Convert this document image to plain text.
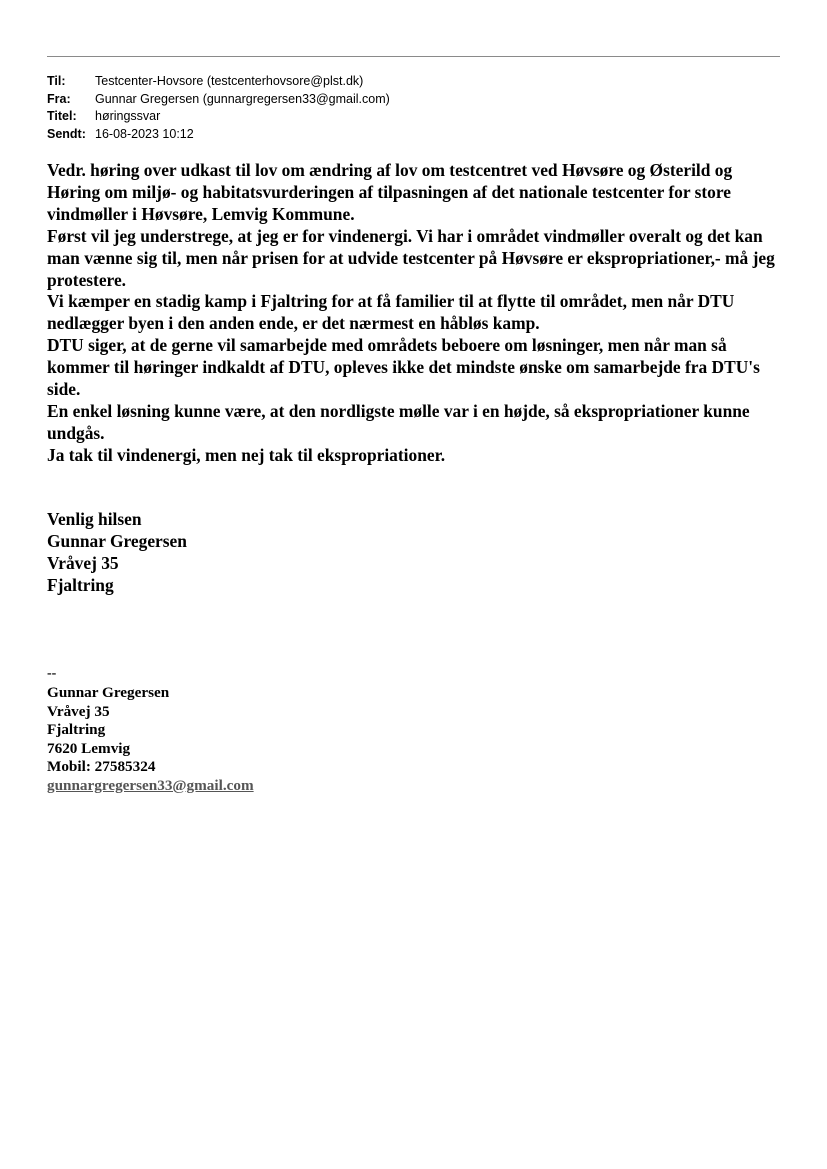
Til: Testcenter-Hovsore (testcenterhovsore@plst.dk)
Fra: Gunnar Gregersen (gunnargregersen33@gmail.com)
Titel: høringssvar
Sendt: 16-08-2023 10:12

Vedr. høring over udkast til lov om ændring af lov om testcentret ved Høvsøre og Østerild og

Høring om miljø- og habitatsvurderingen af tilpasningen af det nationale testcenter for store vindmøller i Høvsøre, Lemvig Kommune.

Først vil jeg understrege, at jeg er for vindenergi. Vi har i området vindmøller overalt og det kan man vænne sig til, men når prisen for at udvide testcenter på Høvsøre er ekspropriationer,- må jeg protestere.

Vi kæmper en stadig kamp i Fjaltring for at få familier til at flytte til området, men når DTU nedlægger byen i den anden ende, er det nærmest en håbløs kamp.

DTU siger, at de gerne vil samarbejde med områdets beboere om løsninger, men når man så kommer til høringer indkaldt af DTU, opleves ikke det mindste ønske om samarbejde fra DTU's side.

En enkel løsning kunne være, at den nordligste mølle var i en højde, så ekspropriationer kunne undgås.

Ja tak til vindenergi, men nej tak til ekspropriationer.

Venlig hilsen

Gunnar Gregersen

Vråvej 35

Fjaltring

--

Gunnar Gregersen

Vråvej 35

Fjaltring

7620 Lemvig

Mobil: 27585324

gunnargregersen33@gmail.com
